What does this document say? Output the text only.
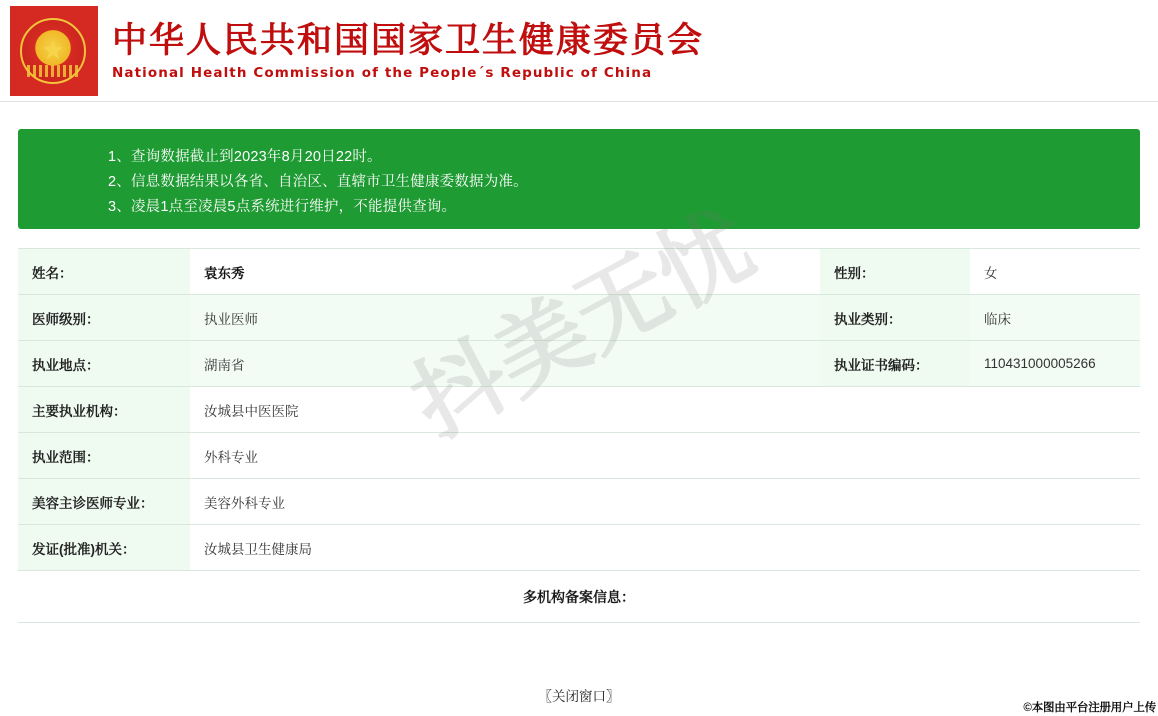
★
中华人民共和国国家卫生健康委员会
National Health Commission of the People´s Republic of China
1、查询数据截止到2023年8月20日22时。
2、信息数据结果以各省、自治区、直辖市卫生健康委数据为准。
3、凌晨1点至凌晨5点系统进行维护，不能提供查询。
姓名：	袁东秀	性别：	女
医师级别：	执业医师	执业类别：	临床
执业地点：	湖南省	执业证书编码：	110431000005266
主要执业机构：	汝城县中医医院		
执业范围：	外科专业		
美容主诊医师专业：	美容外科专业		
发证(批准)机关：	汝城县卫生健康局		
多机构备案信息：			
〖关闭窗口〗
©本图由平台注册用户上传
